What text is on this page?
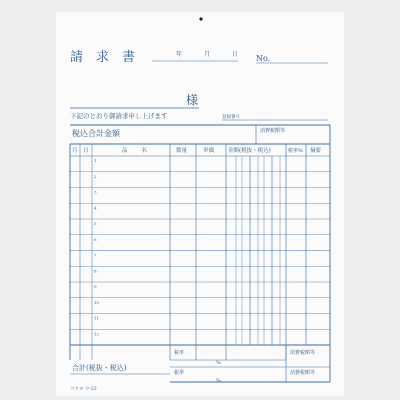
請 求 書	年	月	日 No.
様
下記のとおり御請求申し上げます	登録番号
税込合計金額	消費税額等
月 日	品名	数量	単価	金額(税抜・税込)	税率% 摘要
1
2
3
4
5
6
7
8
9
10
11
12
合計(税抜・税込)
税率
%
消費税額等
税率
%
消費税額等
コクヨ ウ-22
